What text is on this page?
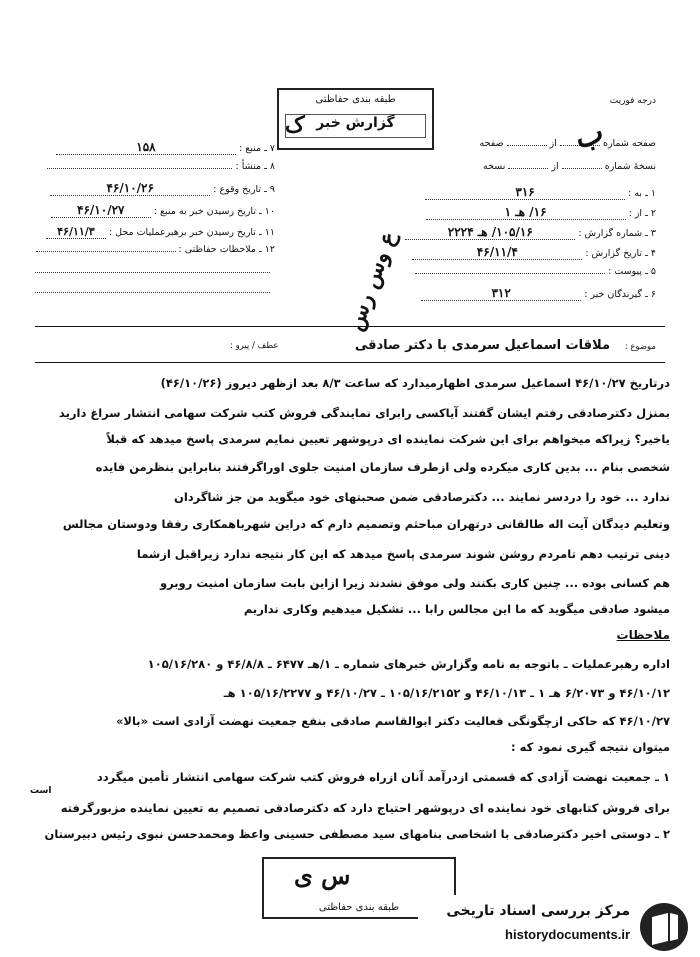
درجه فوریت
طبقه بندی حفاظتی
گزارش خبر
ک
صفحه شماره  از  صفحه
نسخهٔ شماره  از  نسخه
۱ ـ به : ۳۱۶
۲ ـ از : ۱۶/ هـ ۱
۳ ـ شماره گزارش : ۱۰۵/۱۶/ هـ ۲۲۲۴
۴ ـ تاریخ گزارش : ۴۶/۱۱/۴
۵ ـ پیوست :
۶ ـ گیرندگان خبر : ۳۱۲
۷ ـ منبع : ۱۵۸
۸ ـ منشأ :
۹ ـ تاریخ وقوع : ۴۶/۱۰/۲۶
۱۰ ـ تاریخ رسیدن خبر به منبع : ۴۶/۱۰/۲۷
۱۱ ـ تاریخ رسیدن خبر برهبرعملیات محل : ۴۶/۱۱/۳
۱۲ ـ ملاحظات حفاظتی :
ب
ع وس رس
موضوع :
ملاقات اسماعیل سرمدی با دکتر صادقی
عطف / پیرو :
درتاریخ ۴۶/۱۰/۲۷ اسماعیل سرمدی اظهارمیدارد که ساعت ۸/۳ بعد ازظهر دیروز (۴۶/۱۰/۲۶)
بمنزل دکترصادقی رفتم ایشان گفتند آیاکسی رابرای نمایندگی فروش کتب شرکت سهامی انتشار سراغ دارید
یاخیر؟ زیراکه میخواهم برای این شرکت نماینده ای درپوشهر تعیین نمایم سرمدی پاسخ میدهد که قبلاً
شخصی بنام ... بدین کاری میکرده ولی ازطرف سازمان امنیت جلوی اوراگرفتند بنابراین بنظرمن فایده
ندارد ... خود را دردسر نمایند ... دکترصادقی ضمن صحبتهای خود میگوید من جز شاگردان
وتعلیم دیدگان آیت اله طالقانی درتهران مباحثم وتصمیم دارم که دراین شهرباهمکاری رفقا ودوستان مجالس
دینی ترتیب دهم تامردم روشن شوند سرمدی پاسخ میدهد که این کار نتیجه ندارد زیراقبل ازشما
هم کسانی بوده ... چنین کاری بکنند ولی موفق نشدند زیرا ازاین بابت سازمان امنیت روبرو
میشود صادقی میگوید که ما این مجالس رابا ... تشکیل میدهیم وکاری نداریم
ملاحظات
اداره رهبرعملیات ـ باتوجه به نامه وگزارش خبرهای شماره ـ ۱/هـ ۶۴۷۷ ـ ۴۶/۸/۸ و ۱۰۵/۱۶/۲۸۰
۴۶/۱۰/۱۲ و ۶/۲۰۷۳ هـ ۱ ـ ۴۶/۱۰/۱۳ و ۱۰۵/۱۶/۲۱۵۲ ـ ۴۶/۱۰/۲۷ و ۱۰۵/۱۶/۲۲۷۷ هـ
۴۶/۱۰/۲۷ که حاکی ازچگونگی فعالیت دکتر ابوالقاسم صادقی بنفع جمعیت نهضت آزادی است «بالا»
میتوان نتیجه گیری نمود که :
۱ ـ جمعیت نهضت آزادی که قسمتی ازدرآمد آنان ازراه فروش کتب شرکت سهامی انتشار تأمین میگردد
است
برای فروش کتابهای خود نماینده ای درپوشهر احتیاج دارد که دکترصادقی تصمیم به تعیین نماینده مزبورگرفته
۲ ـ دوستی اخیر دکترصادقی با اشخاصی بنامهای سید مصطفی حسینی واعظ ومحمدحسن نبوی رئیس دبیرستان
س ی
طبقه بندی حفاظتی	مرکز بررسی اسناد تاریخی
historydocuments.ir
